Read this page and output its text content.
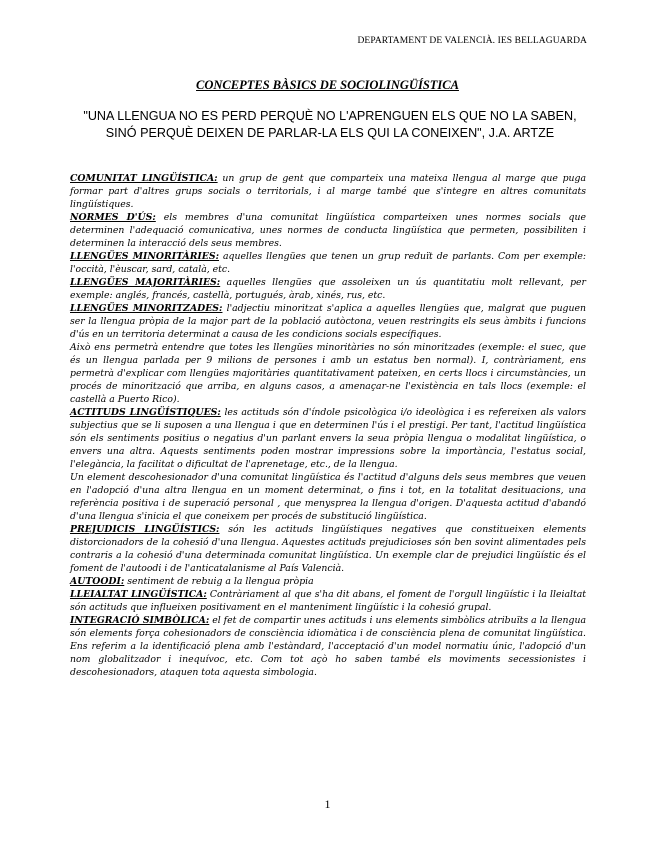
DEPARTAMENT DE VALENCIÀ. IES BELLAGUARDA
CONCEPTES BÀSICS DE SOCIOLINGÜÍSTICA
"UNA LLENGUA NO ES PERD PERQUÈ NO L'APRENGUEN ELS QUE NO LA SABEN, SINÓ PERQUÈ DEIXEN DE PARLAR-LA ELS QUI LA CONEIXEN", J.A. ARTZE

COMUNITAT LINGÜÍSTICA: un grup de gent que comparteix una mateixa llengua al marge que puga formar part d'altres grups socials o territorials, i al marge també que s'integre en altres comunitats lingüístiques.

NORMES D'ÚS: els membres d'una comunitat lingüística comparteixen unes normes socials que determinen l'adequació comunicativa, unes normes de conducta lingüística que permeten, possibiliten i determinen la interacció dels seus membres.

LLENGÜES MINORITÀRIES: aquelles llengües que tenen un grup reduït de parlants. Com per exemple: l'occità, l'èuscar, sard, català, etc.

LLENGÜES MAJORITÀRIES: aquelles llengües que assoleixen un ús quantitatiu molt rellevant, per exemple: anglés, francés, castellà, portugués, àrab, xinés, rus, etc.

LLENGÜES MINORITZADES: l'adjectiu minoritzat s'aplica a aquelles llengües que, malgrat que puguen ser la llengua pròpia de la major part de la població autòctona, veuen restringits els seus àmbits i funcions d'ús en un territoria determinat a causa de les condicions socials específiques.

Això ens permetrà entendre que totes les llengües minoritàries no són minoritzades (exemple: el suec, que és un llengua parlada per 9 milions de persones i amb un estatus ben normal). I, contràriament, ens permetrà d'explicar com llengües majoritàries quantitativament pateixen, en certs llocs i circumstàncies, un procés de minorització que arriba, en alguns casos, a amenaçar-ne l'existència en tals llocs (exemple: el castellà a Puerto Rico).

ACTITUDS LINGÜÍSTIQUES: les actituds són d'índole psicològica i/o ideològica i es refereixen als valors subjectius que se li suposen a una llengua i que en determinen l'ús i el prestigi. Per tant, l'actitud lingüística són els sentiments positius o negatius d'un parlant envers la seua pròpia llengua o modalitat lingüística, o envers una altra. Aquests sentiments poden mostrar impressions sobre la importància, l'estatus social, l'elegància, la facilitat o dificultat de l'aprenetage, etc., de la llengua.

Un element descohesionador d'una comunitat lingüística és l'actitud d'alguns dels seus membres que veuen en l'adopció d'una altra llengua en un moment determinat, o fins i tot, en la totalitat desituacions, una referència positiva i de superació personal , que menysprea la llengua d'origen. D'aquesta actitud d'abandó d'una llengua s'inicia el que coneixem per procés de substitució lingüística.

PREJUDICIS LINGÜÍSTICS: són les actituds lingüístiques negatives que constitueixen elements distorcionadors de la cohesió d'una llengua. Aquestes actituds prejudicioses són ben sovint alimentades pels contraris a la cohesió d'una determinada comunitat lingüística. Un exemple clar de prejudici lingüístic és el foment de l'autoodi i de l'anticatalanisme al País Valencià.

AUTOODI: sentiment de rebuig a la llengua pròpia

LLEIALTAT LINGÜÍSTICA: Contràriament al que s'ha dit abans, el foment de l'orgull lingüístic i la lleialtat són actituds que influeixen positivament en el manteniment lingüístic i la cohesió grupal.

INTEGRACIÓ SIMBÒLICA: el fet de compartir unes actituds i uns elements simbòlics atribuïts a la llengua són elements força cohesionadors de consciència idiomàtica i de consciència plena de comunitat lingüística. Ens referim a la identificació plena amb l'estàndard, l'acceptació d'un model normatiu únic, l'adopció d'un nom globalitzador i inequívoc, etc. Com tot açò ho saben també els moviments secessionistes i descohesionadors, ataquen tota aquesta simbologia.

1
